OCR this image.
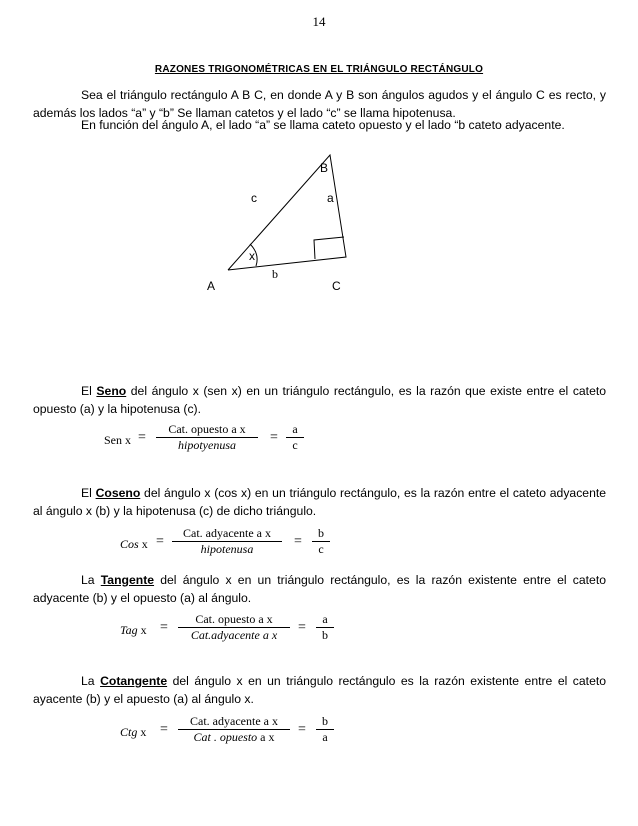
14
RAZONES TRIGONOMÉTRICAS EN EL TRIÁNGULO RECTÁNGULO
Sea el triángulo rectángulo A B C, en donde A y B son ángulos agudos y el ángulo C es recto, y además los lados “a” y “b” Se llaman catetos y el lado “c” se llama hipotenusa.
En función del ángulo A, el lado “a” se llama cateto opuesto y el lado “b cateto adyacente.
B
c	a
x
b
A	C
El Seno del ángulo x (sen x) en un triángulo rectángulo, es la razón que existe entre el cateto opuesto (a) y la hipotenusa (c).
Sen x =
Cat. opuesto a x
hipotyenusa	= $\frac{a}{c}$
El Coseno del ángulo x (cos x) en un triángulo rectángulo, es la razón entre el cateto adyacente al ángulo x (b) y la hipotenusa (c) de dicho triángulo.
Cos x =
Cat. adyacente a x
hipotenusa	= $\frac{b}{c}$
La Tangente del ángulo x en un triángulo rectángulo, es la razón existente entre el cateto adyacente (b) y el opuesto (a) al ángulo.
Tag x =
Cat. opuesto a x
Cat.adyacente a x	= $\frac{a}{b}$
La Cotangente del ángulo x en un triángulo rectángulo es la razón existente entre el cateto ayacente (b) y el apuesto (a) al ángulo x.
Ctg x =
Cat. adyacente a x
Cat . opuesto a x	= $\frac{b}{a}$
